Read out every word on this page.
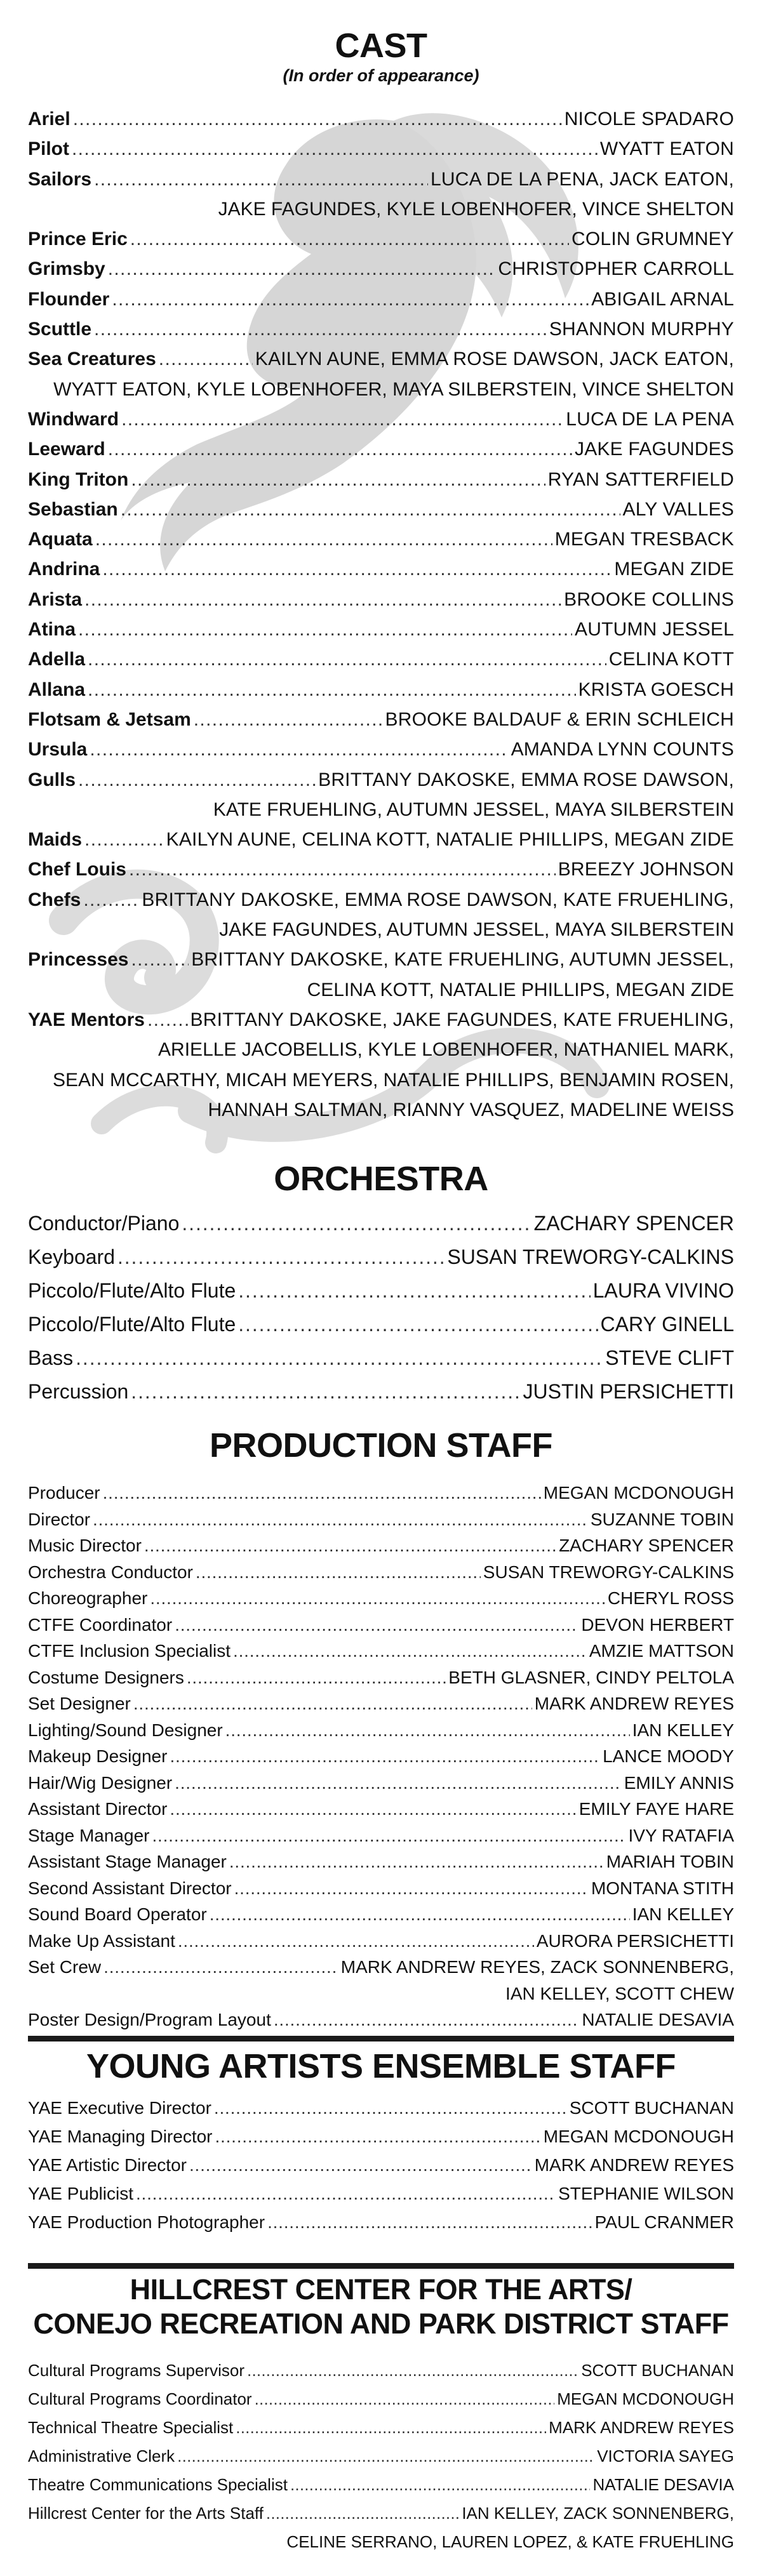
CAST
(In order of appearance)
Ariel . . .	NICOLE SPADARO
Pilot . . .	WYATT EATON
Sailors . . .	LUCA DE LA PENA, JACK EATON,
JAKE FAGUNDES, KYLE LOBENHOFER, VINCE SHELTON
Prince Eric . . .	COLIN GRUMNEY
Grimsby . . .	CHRISTOPHER CARROLL
Flounder . . .	ABIGAIL ARNAL
Scuttle . . .	SHANNON MURPHY
Sea Creatures . . .	KAILYN AUNE, EMMA ROSE DAWSON, JACK EATON,
WYATT EATON, KYLE LOBENHOFER, MAYA SILBERSTEIN, VINCE SHELTON
Windward . . .	LUCA DE LA PENA
Leeward . . .	JAKE FAGUNDES
King Triton . . .	RYAN SATTERFIELD
Sebastian . . .	ALY VALLES
Aquata . . .	MEGAN TRESBACK
Andrina . . .	MEGAN ZIDE
Arista . . .	BROOKE COLLINS
Atina . . .	AUTUMN JESSEL
Adella . . .	CELINA KOTT
Allana . . .	KRISTA GOESCH
Flotsam & Jetsam . . .	BROOKE BALDAUF & ERIN SCHLEICH
Ursula . . .	AMANDA LYNN COUNTS
Gulls . . .	BRITTANY DAKOSKE, EMMA ROSE DAWSON,
KATE FRUEHLING, AUTUMN JESSEL, MAYA SILBERSTEIN
Maids . . .	KAILYN AUNE, CELINA KOTT, NATALIE PHILLIPS, MEGAN ZIDE
Chef Louis . . .	BREEZY JOHNSON
Chefs . . .	BRITTANY DAKOSKE, EMMA ROSE DAWSON, KATE FRUEHLING,
JAKE FAGUNDES, AUTUMN JESSEL, MAYA SILBERSTEIN
Princesses . . .	BRITTANY DAKOSKE, KATE FRUEHLING, AUTUMN JESSEL,
CELINA KOTT, NATALIE PHILLIPS, MEGAN ZIDE
YAE Mentors . . . BRITTANY DAKOSKE, JAKE FAGUNDES, KATE FRUEHLING,
ARIELLE JACOBELLIS, KYLE LOBENHOFER, NATHANIEL MARK,
SEAN MCCARTHY, MICAH MEYERS, NATALIE PHILLIPS, BENJAMIN ROSEN,
HANNAH SALTMAN, RIANNY VASQUEZ, MADELINE WEISS
ORCHESTRA
Conductor/Piano . . .	ZACHARY SPENCER
Keyboard . . .	SUSAN TREWORGY-CALKINS
Piccolo/Flute/Alto Flute . . .	LAURA VIVINO
Piccolo/Flute/Alto Flute . . .	CARY GINELL
Bass . . .	STEVE CLIFT
Percussion . . .	JUSTIN PERSICHETTI
PRODUCTION STAFF
Producer . . .	MEGAN MCDONOUGH
Director . . .	SUZANNE TOBIN
Music Director . . .	ZACHARY SPENCER
Orchestra Conductor . . .	SUSAN TREWORGY-CALKINS
Choreographer . . .	CHERYL ROSS
CTFE Coordinator . . .	DEVON HERBERT
CTFE Inclusion Specialist . . .	AMZIE MATTSON
Costume Designers . . .	BETH GLASNER, CINDY PELTOLA
Set Designer . . .	MARK ANDREW REYES
Lighting/Sound Designer . . .	IAN KELLEY
Makeup Designer . . .	LANCE MOODY
Hair/Wig Designer . . .	EMILY ANNIS
Assistant Director . . .	EMILY FAYE HARE
Stage Manager . . .	IVY RATAFIA
Assistant Stage Manager . . .	MARIAH TOBIN
Second Assistant Director . . .	MONTANA STITH
Sound Board Operator . . .	IAN KELLEY
Make Up Assistant . . .	AURORA PERSICHETTI
Set Crew . . .	MARK ANDREW REYES, ZACK SONNENBERG,
IAN KELLEY, SCOTT CHEW
Poster Design/Program Layout . . .	NATALIE DESAVIA
YOUNG ARTISTS ENSEMBLE STAFF
YAE Executive Director . . .	SCOTT BUCHANAN
YAE Managing Director . . .	MEGAN MCDONOUGH
YAE Artistic Director . . .	MARK ANDREW REYES
YAE Publicist . . .	STEPHANIE WILSON
YAE Production Photographer . . .	PAUL CRANMER
HILLCREST CENTER FOR THE ARTS/
CONEJO RECREATION AND PARK DISTRICT STAFF
Cultural Programs Supervisor . . .	SCOTT BUCHANAN
Cultural Programs Coordinator . . .	MEGAN MCDONOUGH
Technical Theatre Specialist . . .	MARK ANDREW REYES
Administrative Clerk . . .	VICTORIA SAYEG
Theatre Communications Specialist . . .	NATALIE DESAVIA
Hillcrest Center for the Arts Staff . . .	IAN KELLEY, ZACK SONNENBERG,
CELINE SERRANO, LAUREN LOPEZ, & KATE FRUEHLING
